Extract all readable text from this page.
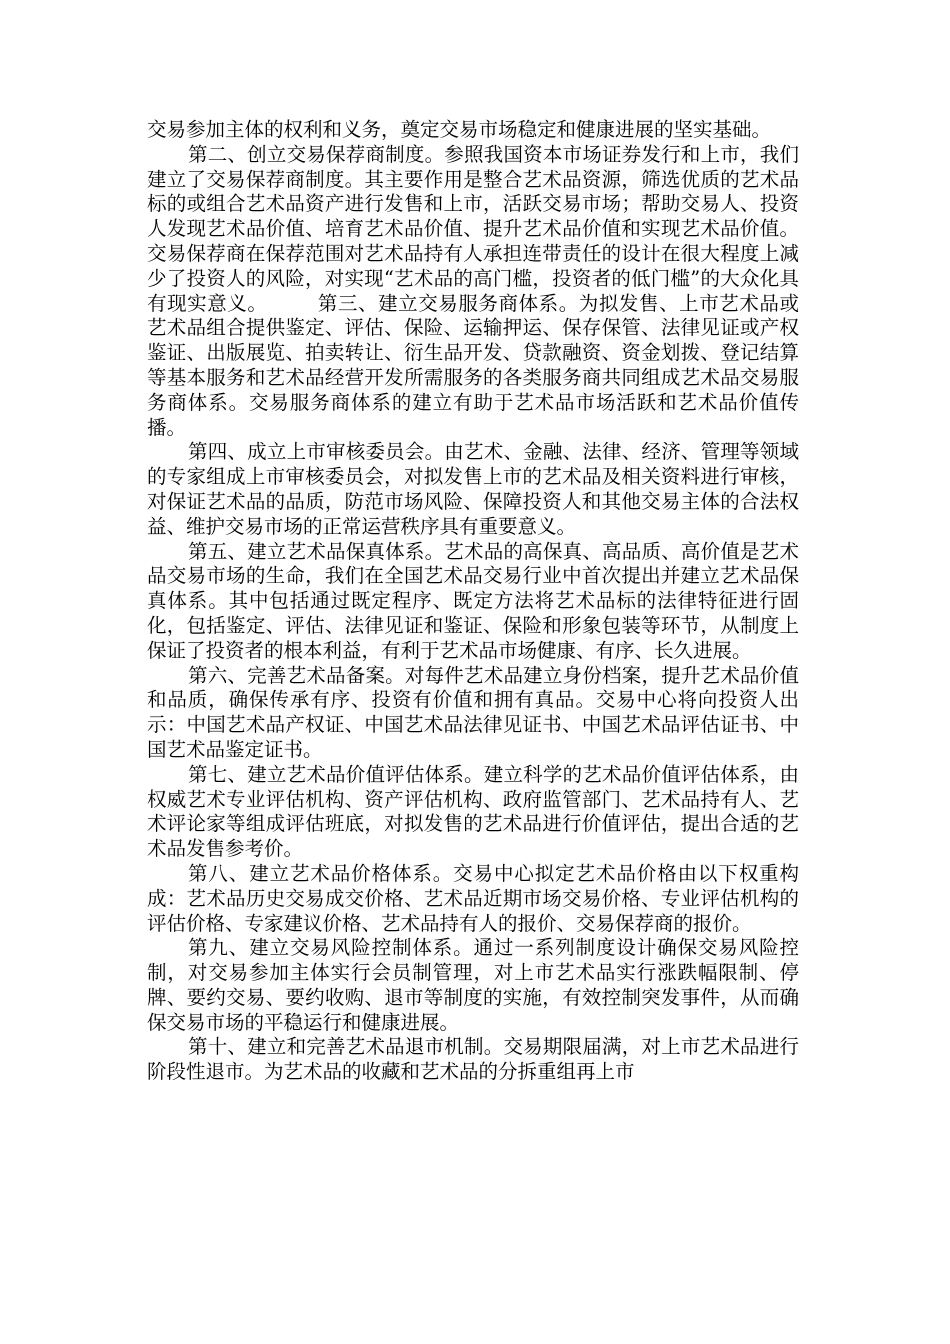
交易参加主体的权利和义务，奠定交易市场稳定和健康进展的坚实基础。

第二、创立交易保荐商制度。参照我国资本市场证券发行和上市，我们建立了交易保荐商制度。其主要作用是整合艺术品资源，筛选优质的艺术品标的或组合艺术品资产进行发售和上市，活跃交易市场；帮助交易人、投资人发现艺术品价值、培育艺术品价值、提升艺术品价值和实现艺术品价值。交易保荐商在保荐范围对艺术品持有人承担连带责任的设计在很大程度上减少了投资人的风险，对实现“艺术品的高门槛，投资者的低门槛”的大众化具有现实意义。　　　第三、建立交易服务商体系。为拟发售、上市艺术品或艺术品组合提供鉴定、评估、保险、运输押运、保存保管、法律见证或产权鉴证、出版展览、拍卖转让、衍生品开发、贷款融资、资金划拨、登记结算等基本服务和艺术品经营开发所需服务的各类服务商共同组成艺术品交易服务商体系。交易服务商体系的建立有助于艺术品市场活跃和艺术品价值传播。

第四、成立上市审核委员会。由艺术、金融、法律、经济、管理等领域的专家组成上市审核委员会，对拟发售上市的艺术品及相关资料进行审核，对保证艺术品的品质，防范市场风险、保障投资人和其他交易主体的合法权益、维护交易市场的正常运营秩序具有重要意义。

第五、建立艺术品保真体系。艺术品的高保真、高品质、高价值是艺术品交易市场的生命，我们在全国艺术品交易行业中首次提出并建立艺术品保真体系。其中包括通过既定程序、既定方法将艺术品标的法律特征进行固化，包括鉴定、评估、法律见证和鉴证、保险和形象包装等环节，从制度上保证了投资者的根本利益，有利于艺术品市场健康、有序、长久进展。

第六、完善艺术品备案。对每件艺术品建立身份档案，提升艺术品价值和品质，确保传承有序、投资有价值和拥有真品。交易中心将向投资人出示：中国艺术品产权证、中国艺术品法律见证书、中国艺术品评估证书、中国艺术品鉴定证书。

第七、建立艺术品价值评估体系。建立科学的艺术品价值评估体系，由权威艺术专业评估机构、资产评估机构、政府监管部门、艺术品持有人、艺术评论家等组成评估班底，对拟发售的艺术品进行价值评估，提出合适的艺术品发售参考价。

第八、建立艺术品价格体系。交易中心拟定艺术品价格由以下权重构成：艺术品历史交易成交价格、艺术品近期市场交易价格、专业评估机构的评估价格、专家建议价格、艺术品持有人的报价、交易保荐商的报价。

第九、建立交易风险控制体系。通过一系列制度设计确保交易风险控制，对交易参加主体实行会员制管理，对上市艺术品实行涨跌幅限制、停牌、要约交易、要约收购、退市等制度的实施，有效控制突发事件，从而确保交易市场的平稳运行和健康进展。

第十、建立和完善艺术品退市机制。交易期限届满，对上市艺术品进行阶段性退市。为艺术品的收藏和艺术品的分拆重组再上市
